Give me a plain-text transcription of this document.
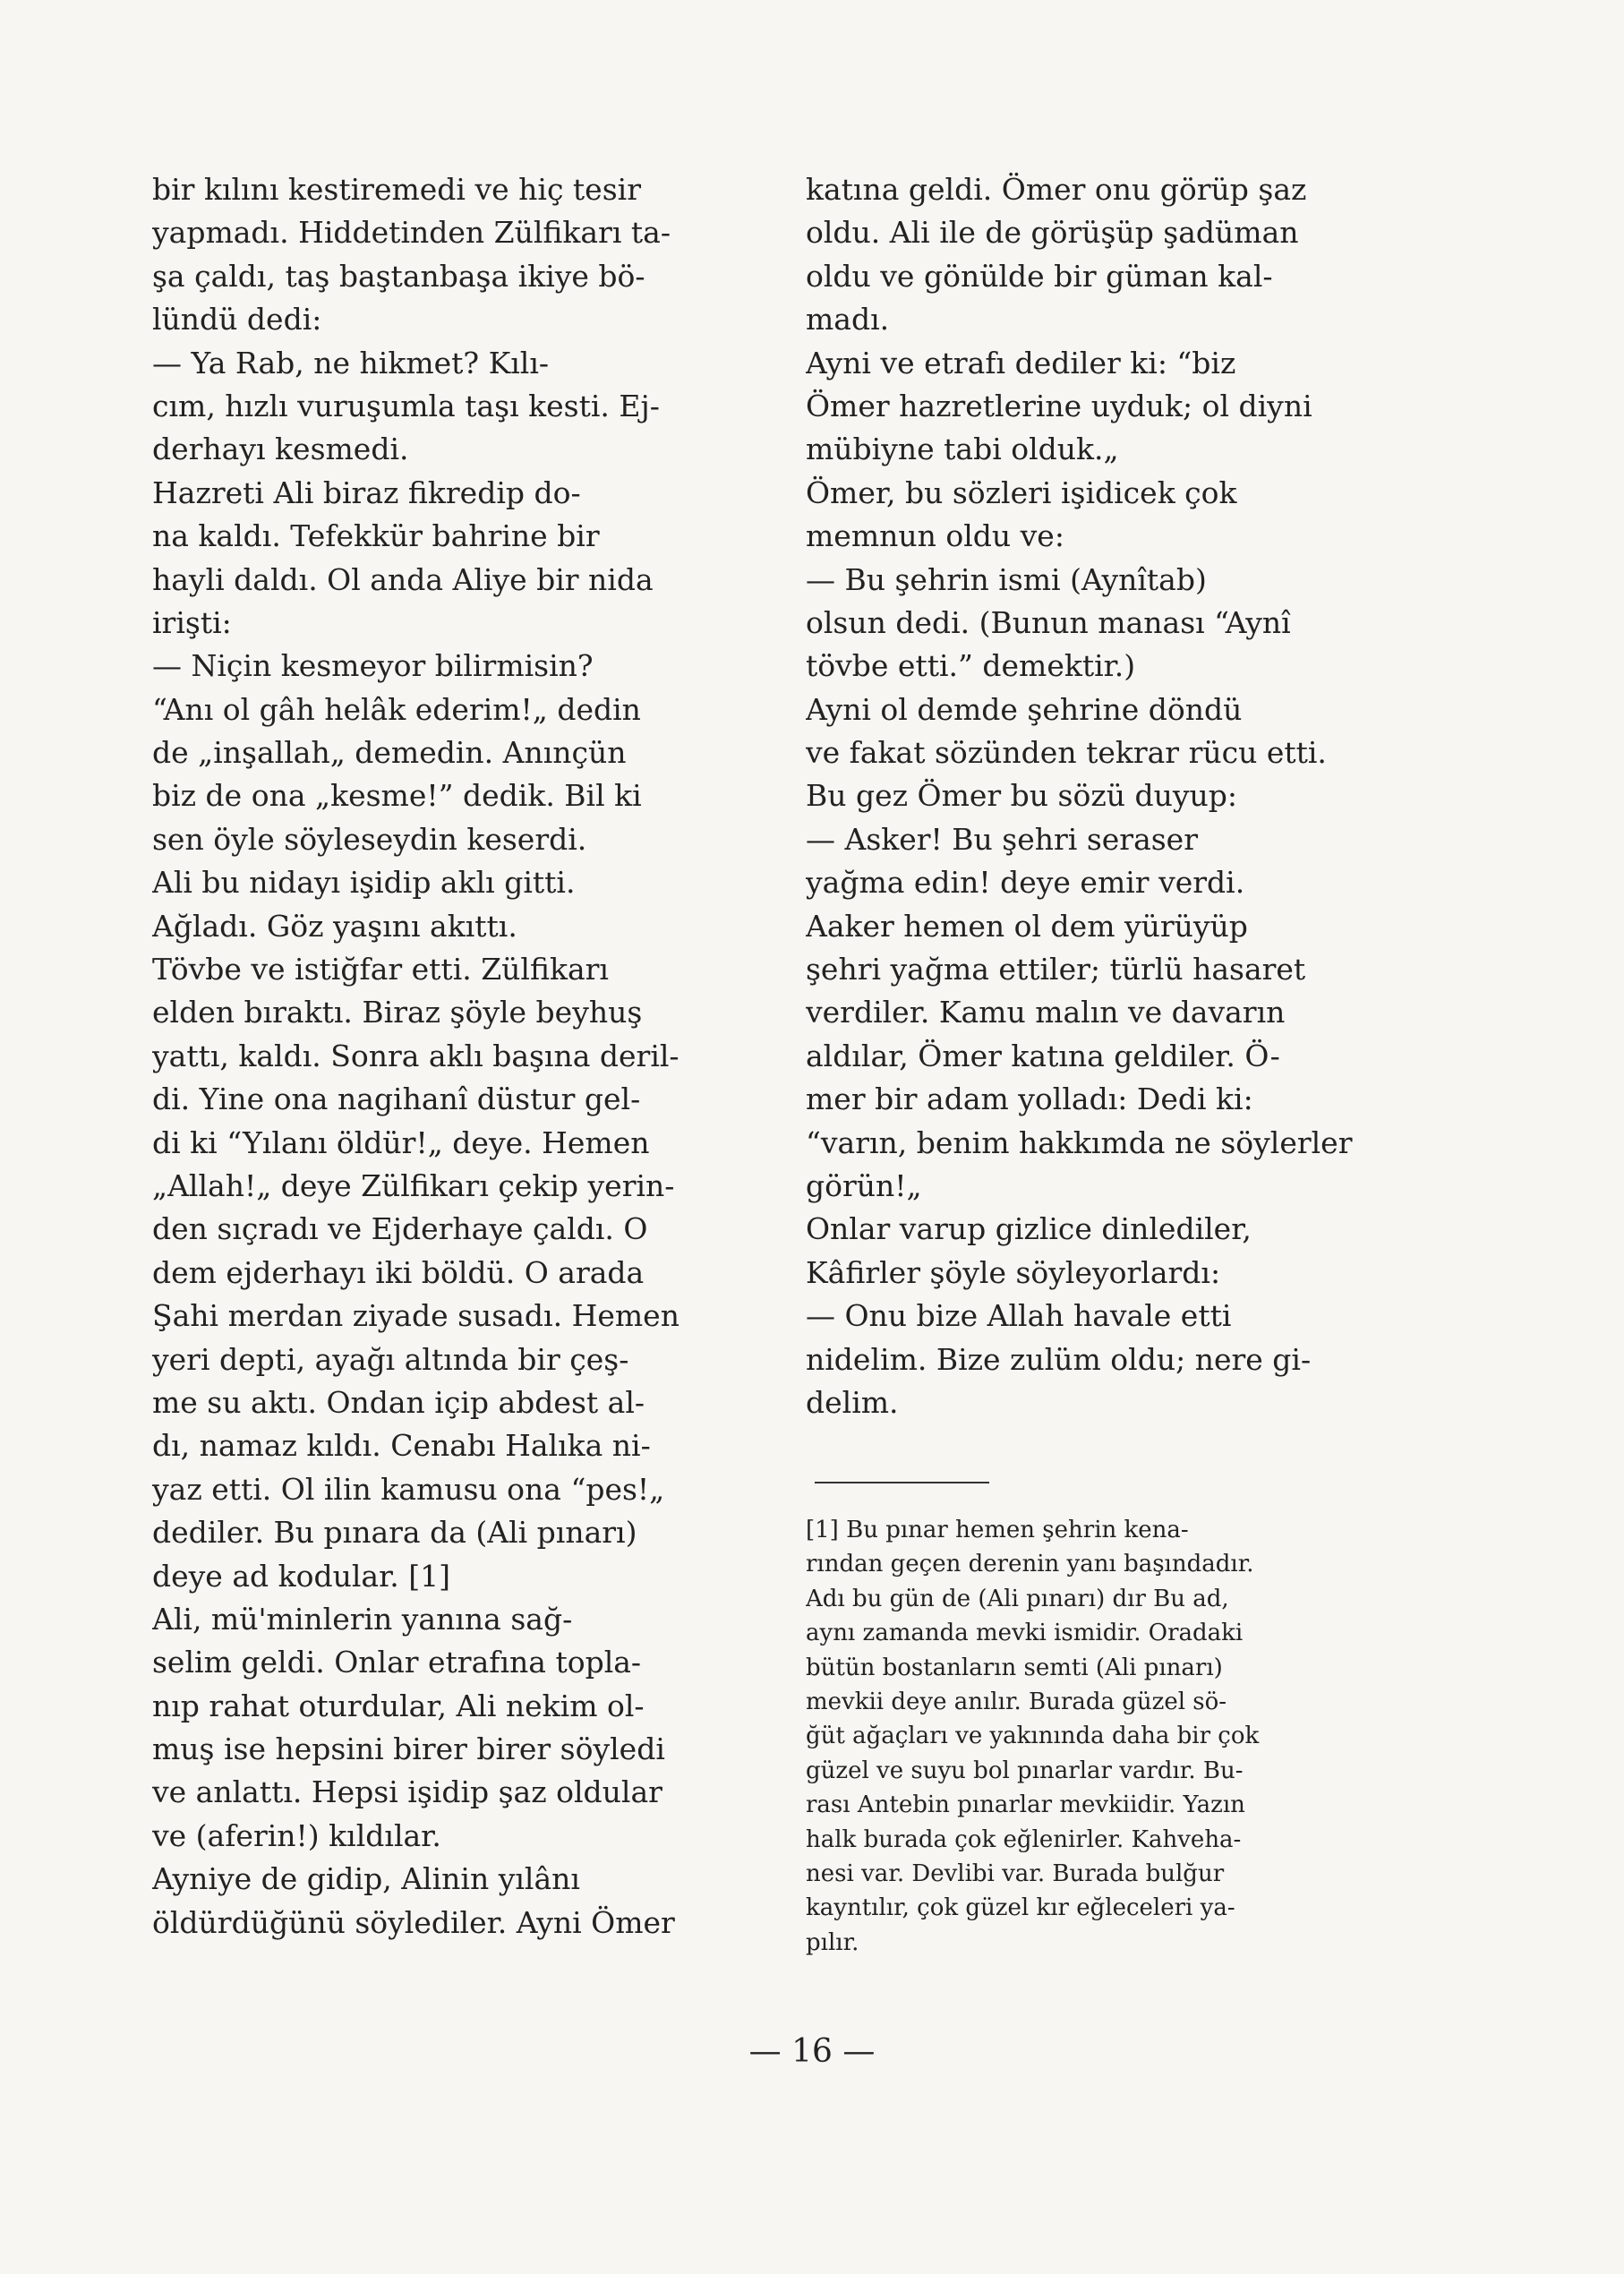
bir kılını kestiremedi ve hiç tesir
yapmadı. Hiddetinden Zülfikarı ta-
şa çaldı, taş baştanbaşa ikiye bö-
lündü dedi:
— Ya Rab, ne hikmet? Kılı-
cım, hızlı vuruşumla taşı kesti. Ej-
derhayı kesmedi.
Hazreti Ali biraz fikredip do-
na kaldı. Tefekkür bahrine bir
hayli daldı. Ol anda Aliye bir nida
irişti:
— Niçin kesmeyor bilirmisin?
“Anı ol gâh helâk ederim!„ dedin
de „inşallah„ demedin. Anınçün
biz de ona „kesme!” dedik. Bil ki
sen öyle söyleseydin keserdi.
Ali bu nidayı işidip aklı gitti.
Ağladı. Göz yaşını akıttı.
Tövbe ve istiğfar etti. Zülfikarı
elden bıraktı. Biraz şöyle beyhuş
yattı, kaldı. Sonra aklı başına deril-
di. Yine ona nagihanî düstur gel-
di ki “Yılanı öldür!„ deye. Hemen
„Allah!„ deye Zülfikarı çekip yerin-
den sıçradı ve Ejderhaye çaldı. O
dem ejderhayı iki böldü. O arada
Şahi merdan ziyade susadı. Hemen
yeri depti, ayağı altında bir çeş-
me su aktı. Ondan içip abdest al-
dı, namaz kıldı. Cenabı Halıka ni-
yaz etti. Ol ilin kamusu ona “pes!„
dediler. Bu pınara da (Ali pınarı)
deye ad kodular. [1]
Ali, mü'minlerin yanına sağ-
selim geldi. Onlar etrafına topla-
nıp rahat oturdular, Ali nekim ol-
muş ise hepsini birer birer söyledi
ve anlattı. Hepsi işidip şaz oldular
ve (aferin!) kıldılar.
Ayniye de gidip, Alinin yılânı
öldürdüğünü söylediler. Ayni Ömer
katına geldi. Ömer onu görüp şaz
oldu. Ali ile de görüşüp şadüman
oldu ve gönülde bir güman kal-
madı.
Ayni ve etrafı dediler ki: “biz
Ömer hazretlerine uyduk; ol diyni
mübiyne tabi olduk.„
Ömer, bu sözleri işidicek çok
memnun oldu ve:
— Bu şehrin ismi (Aynîtab)
olsun dedi. (Bunun manası “Aynî
tövbe etti.” demektir.)
Ayni ol demde şehrine döndü
ve fakat sözünden tekrar rücu etti.
Bu gez Ömer bu sözü duyup:
— Asker! Bu şehri seraser
yağma edin! deye emir verdi.
Aaker hemen ol dem yürüyüp
şehri yağma ettiler; türlü hasaret
verdiler. Kamu malın ve davarın
aldılar, Ömer katına geldiler. Ö-
mer bir adam yolladı: Dedi ki:
“varın, benim hakkımda ne söylerler
görün!„
Onlar varup gizlice dinlediler,
Kâfirler şöyle söyleyorlardı:
— Onu bize Allah havale etti
nidelim. Bize zulüm oldu; nere gi-
delim.
[1] Bu pınar hemen şehrin kena-
rından geçen derenin yanı başındadır.
Adı bu gün de (Ali pınarı) dır Bu ad,
aynı zamanda mevki ismidir. Oradaki
bütün bostanların semti (Ali pınarı)
mevkii deye anılır. Burada güzel sö-
ğüt ağaçları ve yakınında daha bir çok
güzel ve suyu bol pınarlar vardır. Bu-
rası Antebin pınarlar mevkiidir. Yazın
halk burada çok eğlenirler. Kahveha-
nesi var. Devlibi var. Burada bulğur
kayntılır, çok güzel kır eğleceleri ya-
pılır.
— 16 —
